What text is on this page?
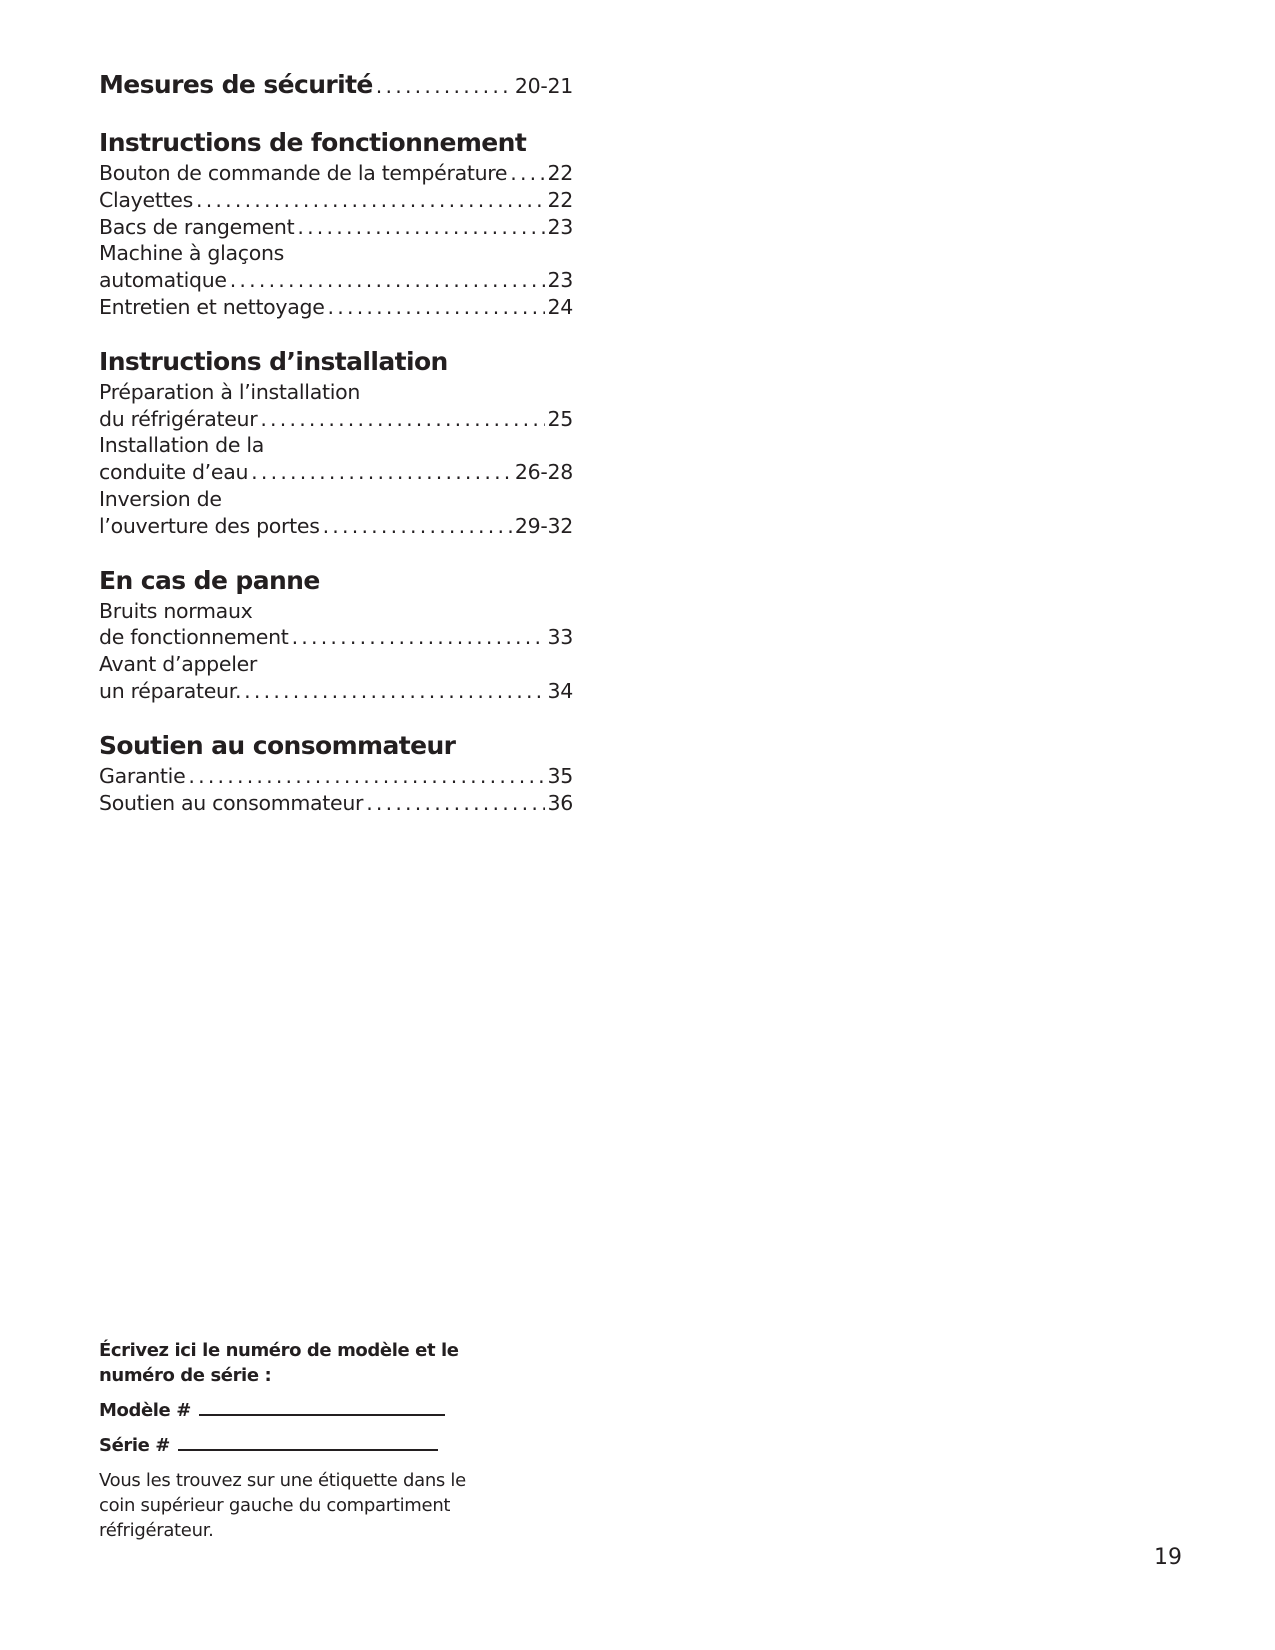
Mesures de sécurité .....	20-21
Instructions de fonctionnement
Bouton de commande de la température ..... 22
Clayettes .....	22
Bacs de rangement .....	23
Machine à glaçons
automatique .....	23
Entretien et nettoyage .....	24
Instructions d’installation
Préparation à l’installation
du réfrigérateur .....	25
Installation de la
conduite d’eau .....	26-28
Inversion de
l’ouverture des portes .....	29-32
En cas de panne
Bruits normaux
de fonctionnement .....	33
Avant d’appeler
un réparateur. .....	34
Soutien au consommateur
Garantie .....	35
Soutien au consommateur .....	36

Écrivez ici le numéro de modèle et le numéro de série :

Modèle #
Série #

Vous les trouvez sur une étiquette dans le coin supérieur gauche du compartiment réfrigérateur.

19
